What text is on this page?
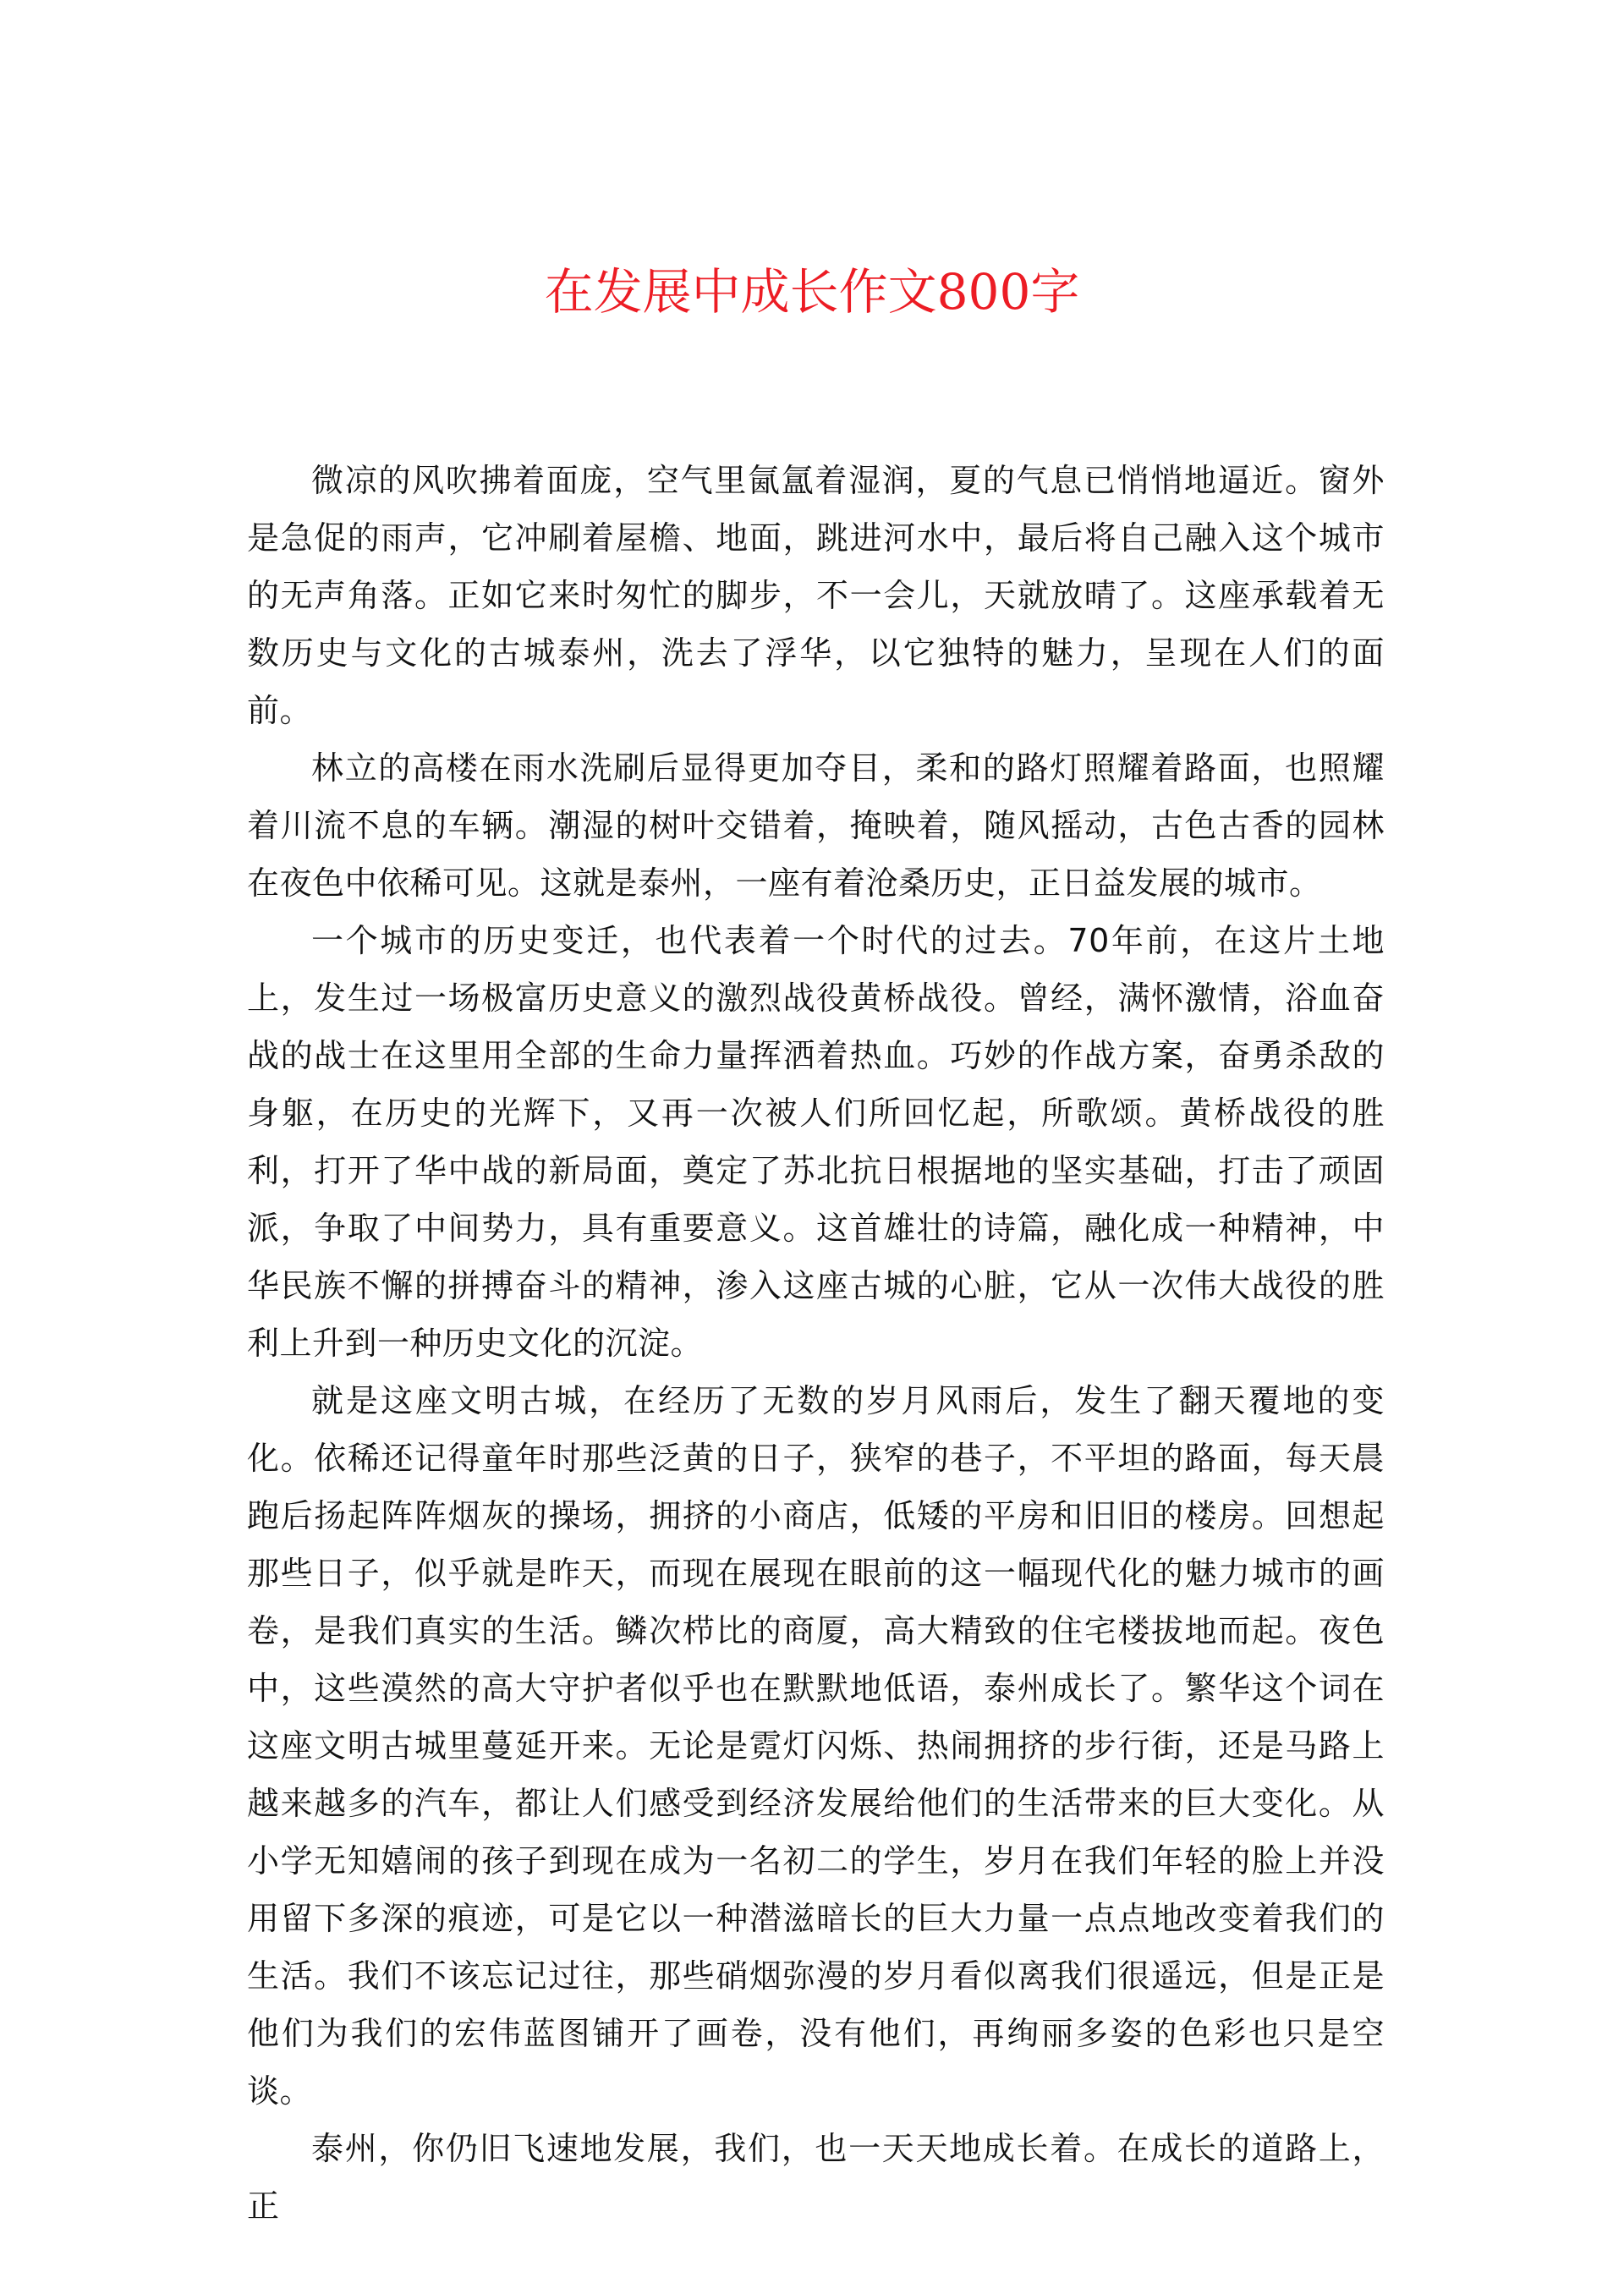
在发展中成长作文800字

微凉的风吹拂着面庞，空气里氤氲着湿润，夏的气息已悄悄地逼近。窗外是急促的雨声，它冲刷着屋檐、地面，跳进河水中，最后将自己融入这个城市的无声角落。正如它来时匆忙的脚步，不一会儿，天就放晴了。这座承载着无数历史与文化的古城泰州，洗去了浮华，以它独特的魅力，呈现在人们的面前。

林立的高楼在雨水洗刷后显得更加夺目，柔和的路灯照耀着路面，也照耀着川流不息的车辆。潮湿的树叶交错着，掩映着，随风摇动，古色古香的园林在夜色中依稀可见。这就是泰州，一座有着沧桑历史，正日益发展的城市。

一个城市的历史变迁，也代表着一个时代的过去。70年前，在这片土地上，发生过一场极富历史意义的激烈战役黄桥战役。曾经，满怀激情，浴血奋战的战士在这里用全部的生命力量挥洒着热血。巧妙的作战方案，奋勇杀敌的身躯，在历史的光辉下，又再一次被人们所回忆起，所歌颂。黄桥战役的胜利，打开了华中战的新局面，奠定了苏北抗日根据地的坚实基础，打击了顽固派，争取了中间势力，具有重要意义。这首雄壮的诗篇，融化成一种精神，中华民族不懈的拼搏奋斗的精神，渗入这座古城的心脏，它从一次伟大战役的胜利上升到一种历史文化的沉淀。

就是这座文明古城，在经历了无数的岁月风雨后，发生了翻天覆地的变化。依稀还记得童年时那些泛黄的日子，狭窄的巷子，不平坦的路面，每天晨跑后扬起阵阵烟灰的操场，拥挤的小商店，低矮的平房和旧旧的楼房。回想起那些日子，似乎就是昨天，而现在展现在眼前的这一幅现代化的魅力城市的画卷，是我们真实的生活。鳞次栉比的商厦，高大精致的住宅楼拔地而起。夜色中，这些漠然的高大守护者似乎也在默默地低语，泰州成长了。繁华这个词在这座文明古城里蔓延开来。无论是霓灯闪烁、热闹拥挤的步行街，还是马路上越来越多的汽车，都让人们感受到经济发展给他们的生活带来的巨大变化。从小学无知嬉闹的孩子到现在成为一名初二的学生，岁月在我们年轻的脸上并没用留下多深的痕迹，可是它以一种潜滋暗长的巨大力量一点点地改变着我们的生活。我们不该忘记过往，那些硝烟弥漫的岁月看似离我们很遥远，但是正是他们为我们的宏伟蓝图铺开了画卷，没有他们，再绚丽多姿的色彩也只是空谈。

泰州，你仍旧飞速地发展，我们，也一天天地成长着。在成长的道路上，正
